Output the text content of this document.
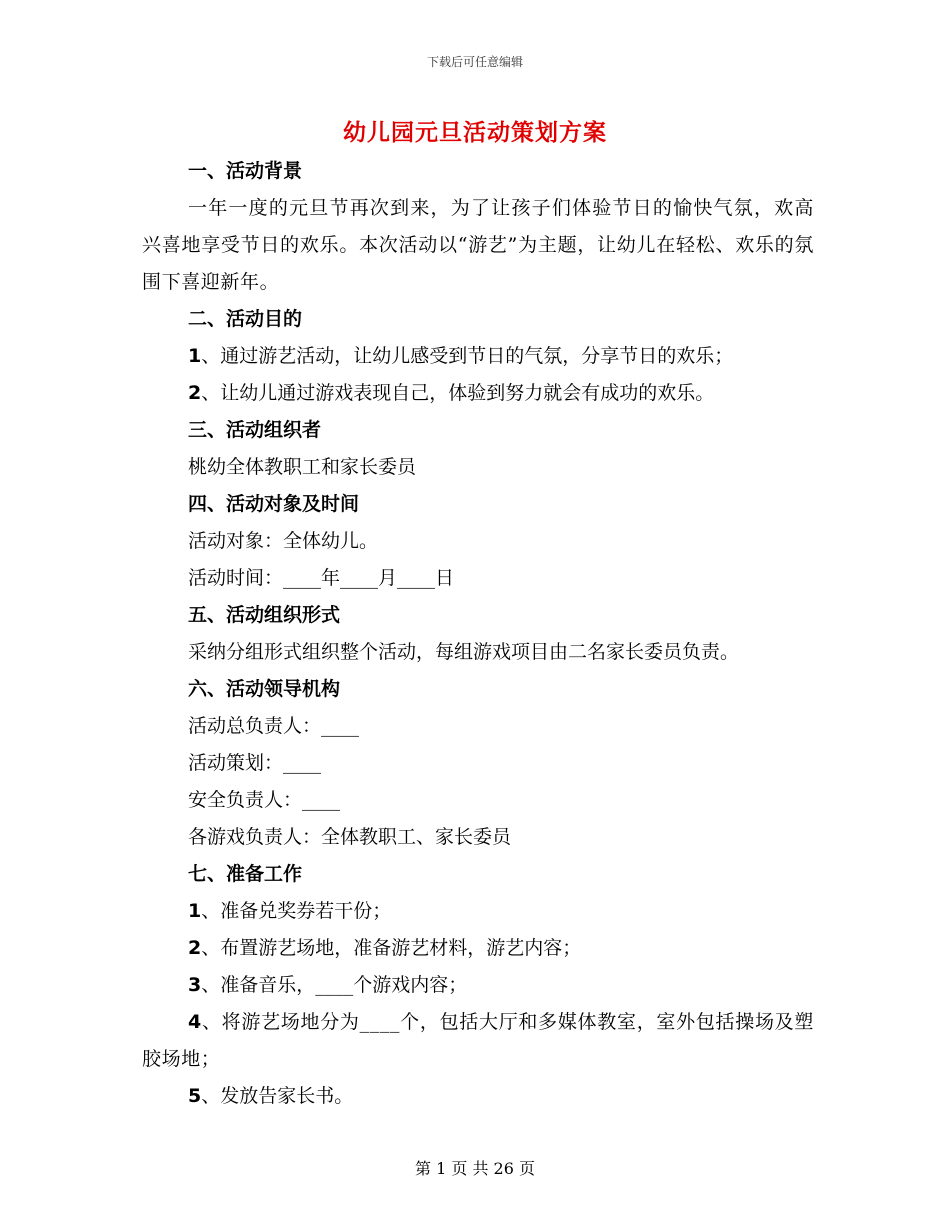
下载后可任意编辑
幼儿园元旦活动策划方案
一、活动背景
一年一度的元旦节再次到来，为了让孩子们体验节日的愉快气氛，欢高兴喜地享受节日的欢乐。本次活动以“游艺”为主题，让幼儿在轻松、欢乐的氛围下喜迎新年。
二、活动目的
1、通过游艺活动，让幼儿感受到节日的气氛，分享节日的欢乐；
2、让幼儿通过游戏表现自己，体验到努力就会有成功的欢乐。
三、活动组织者
桃幼全体教职工和家长委员
四、活动对象及时间
活动对象：全体幼儿。
活动时间：____年____月____日
五、活动组织形式
采纳分组形式组织整个活动，每组游戏项目由二名家长委员负责。
六、活动领导机构
活动总负责人：____
活动策划：____
安全负责人：____
各游戏负责人：全体教职工、家长委员
七、准备工作
1、准备兑奖券若干份；
2、布置游艺场地，准备游艺材料，游艺内容；
3、准备音乐，____个游戏内容；
4、将游艺场地分为____个，包括大厅和多媒体教室，室外包括操场及塑胶场地；
5、发放告家长书。
第 1 页 共 26 页
